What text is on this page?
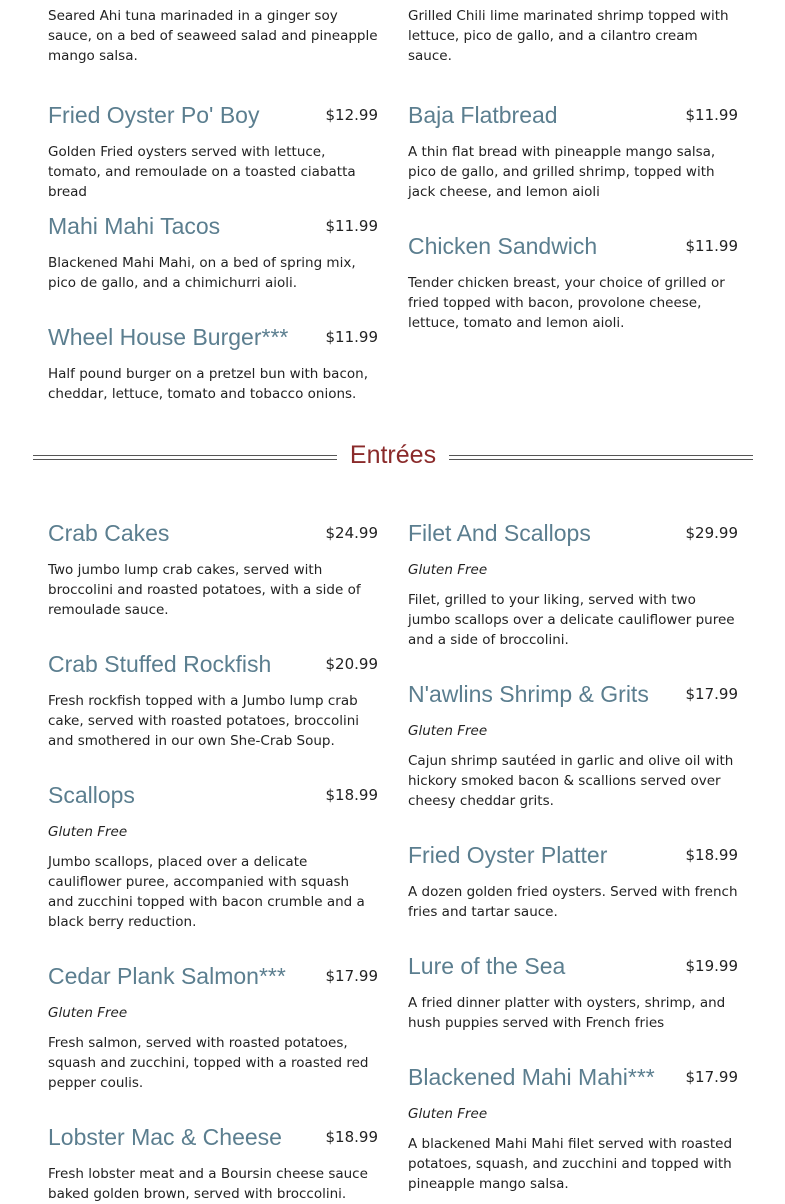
Seared Ahi tuna marinaded in a ginger soy sauce, on a bed of seaweed salad and pineapple mango salsa.
Grilled Chili lime marinated shrimp topped with lettuce, pico de gallo, and a cilantro cream sauce.
Fried Oyster Po' Boy	$12.99
Golden Fried oysters served with lettuce, tomato, and remoulade on a toasted ciabatta bread
Mahi Mahi Tacos	$11.99
Blackened Mahi Mahi, on a bed of spring mix, pico de gallo, and a chimichurri aioli.
Wheel House Burger*** $11.99
Half pound burger on a pretzel bun with bacon, cheddar, lettuce, tomato and tobacco onions.
Baja Flatbread	$11.99
A thin flat bread with pineapple mango salsa, pico de gallo, and grilled shrimp, topped with jack cheese, and lemon aioli
Chicken Sandwich	$11.99
Tender chicken breast, your choice of grilled or fried topped with bacon, provolone cheese, lettuce, tomato and lemon aioli.
Entrées
Crab Cakes	$24.99
Two jumbo lump crab cakes, served with broccolini and roasted potatoes, with a side of remoulade sauce.
Crab Stuffed Rockfish	$20.99
Fresh rockfish topped with a Jumbo lump crab cake, served with roasted potatoes, broccolini and smothered in our own She-Crab Soup.
Scallops	$18.99
Gluten Free
Jumbo scallops, placed over a delicate cauliflower puree, accompanied with squash and zucchini topped with bacon crumble and a black berry reduction.
Cedar Plank Salmon***	$17.99
Gluten Free
Fresh salmon, served with roasted potatoes, squash and zucchini, topped with a roasted red pepper coulis.
Lobster Mac & Cheese	$18.99
Fresh lobster meat and a Boursin cheese sauce baked golden brown, served with broccolini.
Filet And Scallops	$29.99
Gluten Free
Filet, grilled to your liking, served with two jumbo scallops over a delicate cauliflower puree and a side of broccolini.
N'awlins Shrimp & Grits $17.99
Gluten Free
Cajun shrimp sautéed in garlic and olive oil with hickory smoked bacon & scallions served over cheesy cheddar grits.
Fried Oyster Platter	$18.99
A dozen golden fried oysters. Served with french fries and tartar sauce.
Lure of the Sea	$19.99
A fried dinner platter with oysters, shrimp, and hush puppies served with French fries
Blackened Mahi Mahi*** $17.99
Gluten Free
A blackened Mahi Mahi filet served with roasted potatoes, squash, and zucchini and topped with pineapple mango salsa.
